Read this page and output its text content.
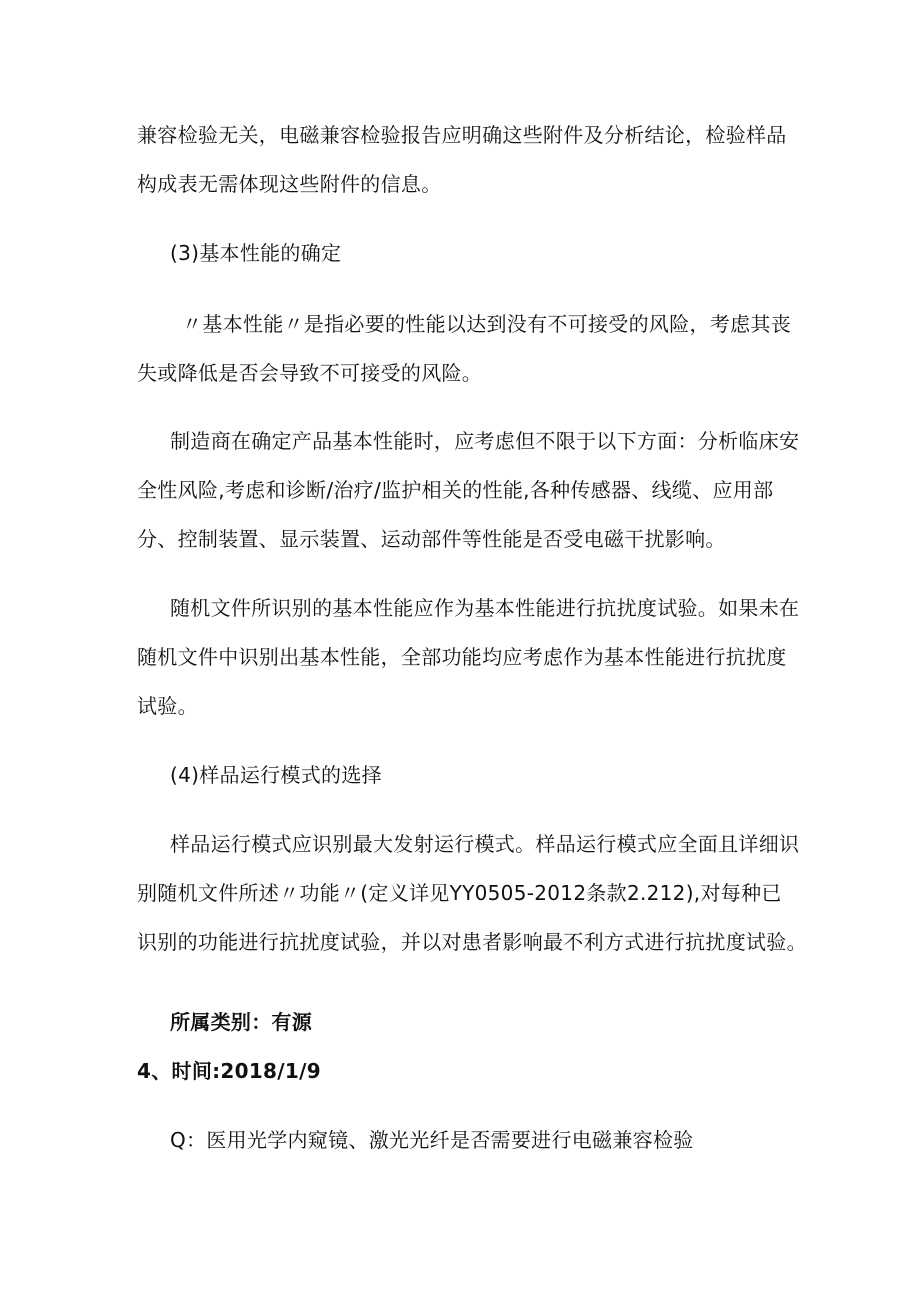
兼容检验无关，电磁兼容检验报告应明确这些附件及分析结论，检验样品
构成表无需体现这些附件的信息。
(3)基本性能的确定
〃基本性能〃是指必要的性能以达到没有不可接受的风险，考虑其丧
失或降低是否会导致不可接受的风险。
制造商在确定产品基本性能时，应考虑但不限于以下方面：分析临床安
全性风险,考虑和诊断/治疗/监护相关的性能,各种传感器、线缆、应用部
分、控制装置、显示装置、运动部件等性能是否受电磁干扰影响。
随机文件所识别的基本性能应作为基本性能进行抗扰度试验。如果未在
随机文件中识别出基本性能，全部功能均应考虑作为基本性能进行抗扰度
试验。
(4)样品运行模式的选择
样品运行模式应识别最大发射运行模式。样品运行模式应全面且详细识
别随机文件所述〃功能〃(定义详见YY0505-2012条款2.212),对每种已
识别的功能进行抗扰度试验，并以对患者影响最不利方式进行抗扰度试验。
所属类别：有源
4、时间:2018/1/9
Q：医用光学内窥镜、激光光纤是否需要进行电磁兼容检验
